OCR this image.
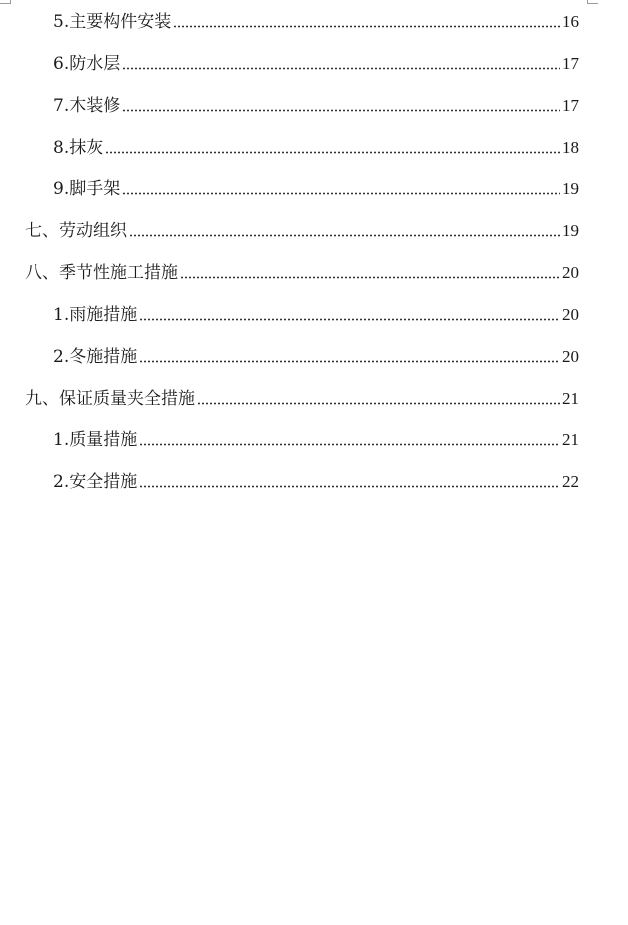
5 . 主要构件安装	16
6 . 防水层	17
7 . 木装修	17
8 . 抹灰	18
9 . 脚手架	19
七 、 劳动组织	19
八 、 季节性施工措施	20
1 . 雨施措施	20
2 . 冬施措施	20
九 、 保证质量夹全措施	21
1 . 质量措施	21
2 . 安全措施	22
